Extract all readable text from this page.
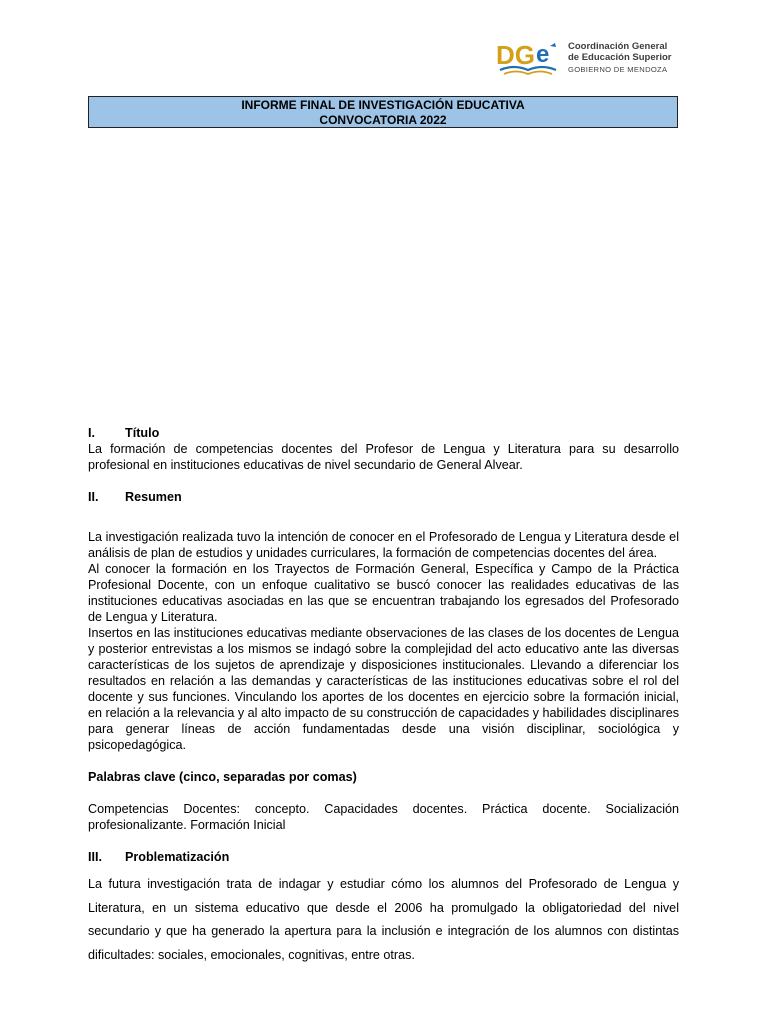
DG e Coordinación General
de Educación Superior
GOBIERNO DE MENDOZA
INFORME FINAL DE INVESTIGACIÓN EDUCATIVA
CONVOCATORIA 2022
I.	Título

La formación de competencias docentes del Profesor de Lengua y Literatura para su desarrollo profesional en instituciones educativas de nivel secundario de General Alvear.

II.	Resumen

La investigación realizada tuvo la intención de conocer en el Profesorado de Lengua y Literatura desde el análisis de plan de estudios y unidades curriculares, la formación de competencias docentes del área.

Al conocer la formación en los Trayectos de Formación General, Específica y Campo de la Práctica Profesional Docente, con un enfoque cualitativo se buscó conocer las realidades educativas de las instituciones educativas asociadas en las que se encuentran trabajando los egresados del Profesorado de Lengua y Literatura.

Insertos en las instituciones educativas mediante observaciones de las clases de los docentes de Lengua y posterior entrevistas a los mismos se indagó sobre la complejidad del acto educativo ante las diversas características de los sujetos de aprendizaje y disposiciones institucionales. Llevando a diferenciar los resultados en relación a las demandas y características de las instituciones educativas sobre el rol del docente y sus funciones. Vinculando los aportes de los docentes en ejercicio sobre la formación inicial, en relación a la relevancia y al alto impacto de su construcción de capacidades y habilidades disciplinares para generar líneas de acción fundamentadas desde una visión disciplinar, sociológica y psicopedagógica.

Palabras clave (cinco, separadas por comas)

Competencias Docentes: concepto. Capacidades docentes. Práctica docente. Socialización profesionalizante. Formación Inicial

III.	Problematización

La futura investigación trata de indagar y estudiar cómo los alumnos del Profesorado de Lengua y Literatura, en un sistema educativo que desde el 2006 ha promulgado la obligatoriedad del nivel secundario y que ha generado la apertura para la inclusión e integración de los alumnos con distintas dificultades: sociales, emocionales, cognitivas, entre otras.
